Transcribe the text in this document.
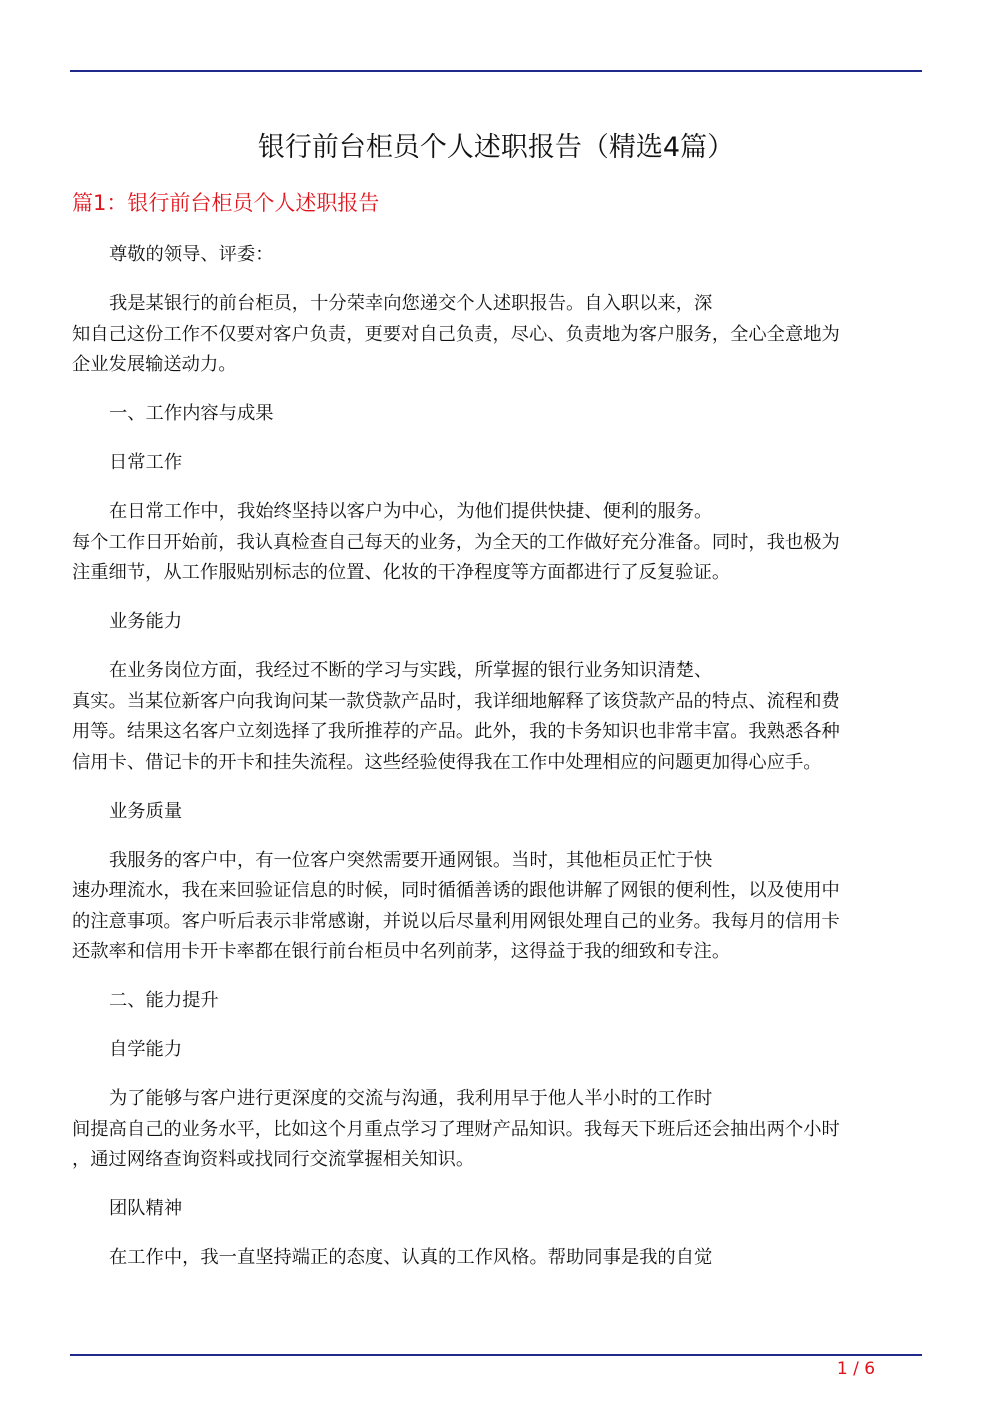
银行前台柜员个人述职报告（精选4篇）
篇1：银行前台柜员个人述职报告

尊敬的领导、评委：

我是某银行的前台柜员，十分荣幸向您递交个人述职报告。自入职以来，深
知自己这份工作不仅要对客户负责，更要对自己负责，尽心、负责地为客户服务，全心全意地为
企业发展输送动力。

一、工作内容与成果

日常工作

在日常工作中，我始终坚持以客户为中心，为他们提供快捷、便利的服务。
每个工作日开始前，我认真检查自己每天的业务，为全天的工作做好充分准备。同时，我也极为
注重细节，从工作服贴别标志的位置、化妆的干净程度等方面都进行了反复验证。

业务能力

在业务岗位方面，我经过不断的学习与实践，所掌握的银行业务知识清楚、
真实。当某位新客户向我询问某一款贷款产品时，我详细地解释了该贷款产品的特点、流程和费
用等。结果这名客户立刻选择了我所推荐的产品。此外，我的卡务知识也非常丰富。我熟悉各种
信用卡、借记卡的开卡和挂失流程。这些经验使得我在工作中处理相应的问题更加得心应手。

业务质量

我服务的客户中，有一位客户突然需要开通网银。当时，其他柜员正忙于快
速办理流水，我在来回验证信息的时候，同时循循善诱的跟他讲解了网银的便利性，以及使用中
的注意事项。客户听后表示非常感谢，并说以后尽量利用网银处理自己的业务。我每月的信用卡
还款率和信用卡开卡率都在银行前台柜员中名列前茅，这得益于我的细致和专注。

二、能力提升

自学能力

为了能够与客户进行更深度的交流与沟通，我利用早于他人半小时的工作时
间提高自己的业务水平，比如这个月重点学习了理财产品知识。我每天下班后还会抽出两个小时
，通过网络查询资料或找同行交流掌握相关知识。

团队精神

在工作中，我一直坚持端正的态度、认真的工作风格。帮助同事是我的自觉

1 / 6
